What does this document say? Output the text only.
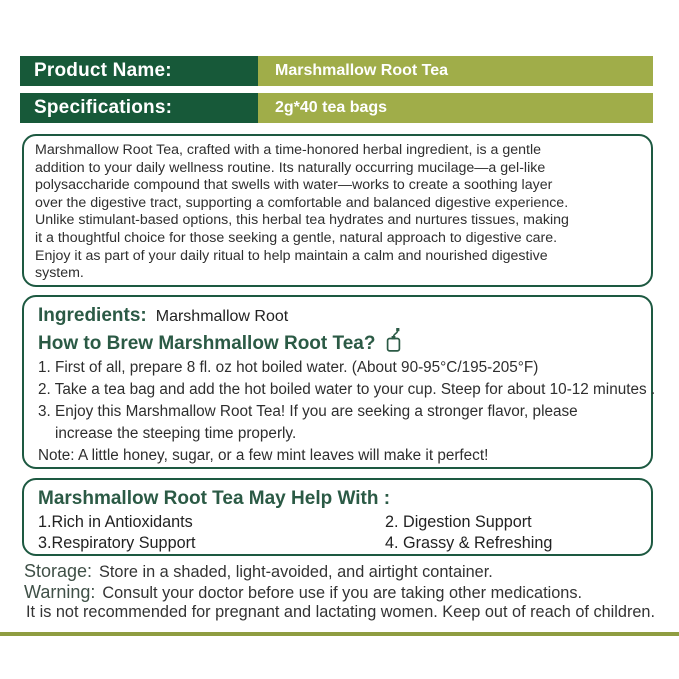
Product Name:	Marshmallow Root Tea
Specifications:	2g*40 tea bags
Marshmallow Root Tea, crafted with a time-honored herbal ingredient, is a gentle
addition to your daily wellness routine. Its naturally occurring mucilage—a gel-like
polysaccharide compound that swells with water—works to create a soothing layer
over the digestive tract, supporting a comfortable and balanced digestive experience.
Unlike stimulant-based options, this herbal tea hydrates and nurtures tissues, making
it a thoughtful choice for those seeking a gentle, natural approach to digestive care.
Enjoy it as part of your daily ritual to help maintain a calm and nourished digestive
system.
Ingredients: Marshmallow Root
How to Brew Marshmallow Root Tea?
1. First of all, prepare 8 fl. oz hot boiled water. (About 90-95°C/195-205°F)
2. Take a tea bag and add the hot boiled water to your cup. Steep for about 10-12 minutes .
3. Enjoy this Marshmallow Root Tea! If you are seeking a stronger flavor, please
increase the steeping time properly.
Note: A little honey, sugar, or a few mint leaves will make it perfect!
Marshmallow Root Tea May Help With :
1.Rich in Antioxidants	2. Digestion Support
3.Respiratory Support	4. Grassy & Refreshing
Storage: Store in a shaded, light-avoided, and airtight container.
Warning: Consult your doctor before use if you are taking other medications.
It is not recommended for pregnant and lactating women. Keep out of reach of children.
